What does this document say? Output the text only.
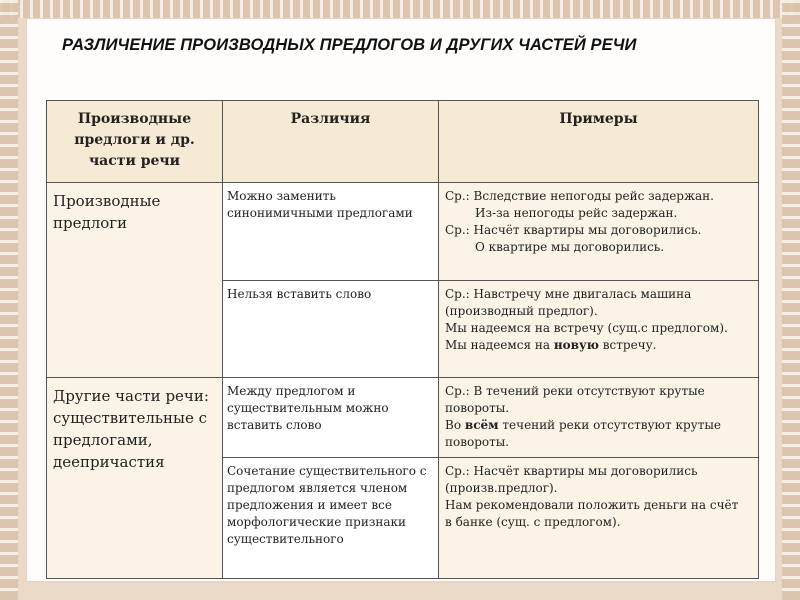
РАЗЛИЧЕНИЕ ПРОИЗВОДНЫХ ПРЕДЛОГОВ И ДРУГИХ ЧАСТЕЙ РЕЧИ
Производные предлоги и др. части речи	Различия	Примеры
Производные предлоги	Можно заменить синонимичными предлогами	Ср.: Вследствие непогоды рейс задержан.
Из-за непогоды рейс задержан.
Ср.: Насчёт квартиры мы договорились.
О квартире мы договорились.

	Нельзя вставить слово	Ср.: Навстречу мне двигалась машина
(производный предлог).
Мы надеемся на встречу (сущ.с предлогом).
Мы надеемся на новую встречу.

Другие части речи: существительные с предлогами, деепричастия	Между предлогом и существительным можно вставить слово	Ср.: В течений реки отсутствуют крутые
повороты.
Во всём течений реки отсутствуют крутые
повороты.

	Сочетание существительного с предлогом является членом предложения и имеет все морфологические признаки существительного	Ср.: Насчёт квартиры мы договорились
(произв.предлог).
Нам рекомендовали положить деньги на счёт
в банке (сущ. с предлогом).
